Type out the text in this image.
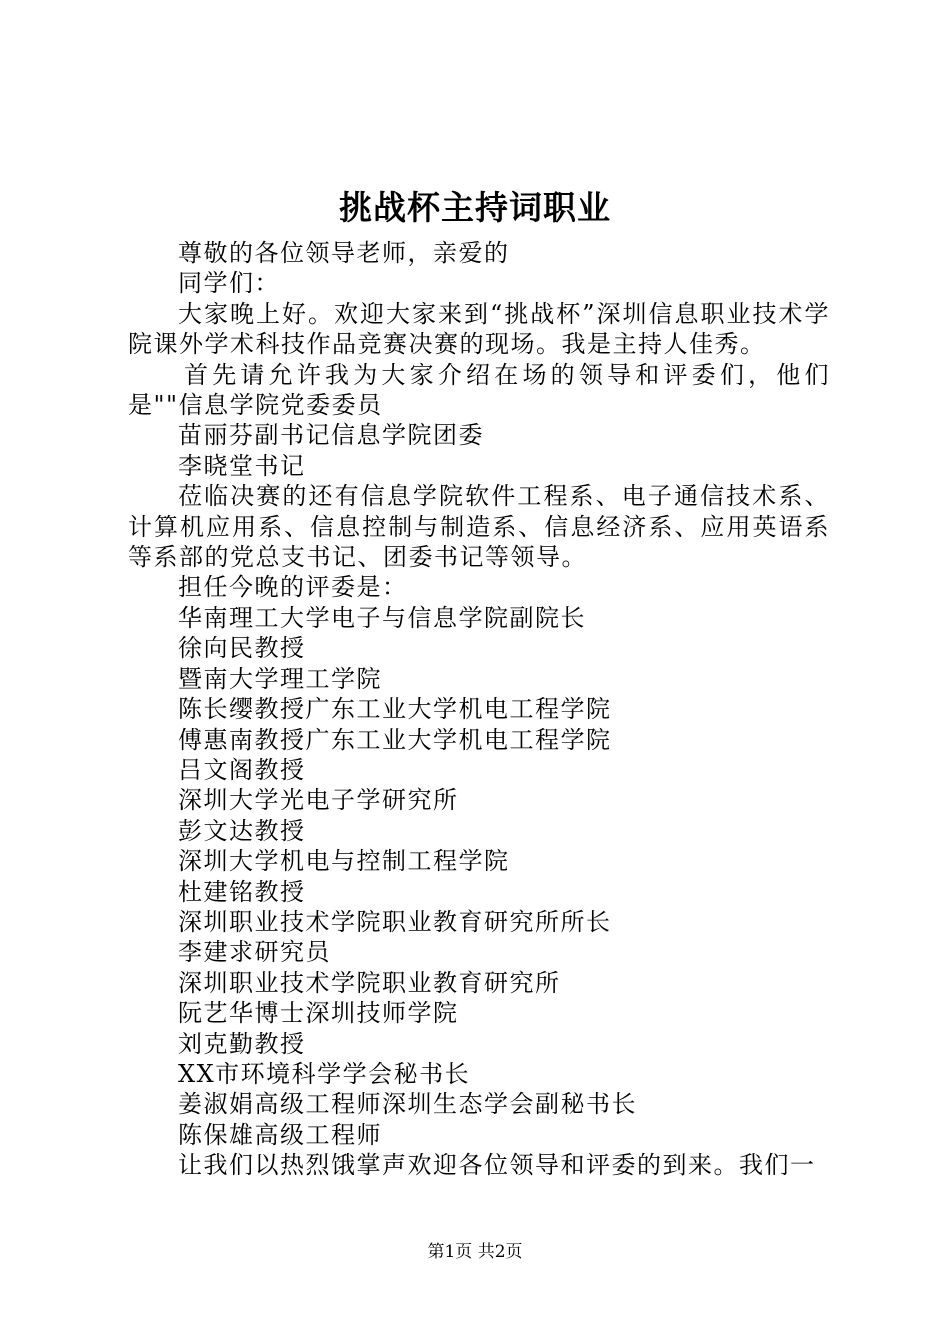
挑战杯主持词职业

尊敬的各位领导老师，亲爱的

同学们：

大家晚上好。欢迎大家来到“挑战杯”深圳信息职业技术学院课外学术科技作品竞赛决赛的现场。我是主持人佳秀。

首先请允许我为大家介绍在场的领导和评委们，他们是""信息学院党委委员

苗丽芬副书记信息学院团委

李晓堂书记

莅临决赛的还有信息学院软件工程系、电子通信技术系、计算机应用系、信息控制与制造系、信息经济系、应用英语系等系部的党总支书记、团委书记等领导。

担任今晚的评委是：

华南理工大学电子与信息学院副院长

徐向民教授

暨南大学理工学院

陈长缨教授广东工业大学机电工程学院

傅惠南教授广东工业大学机电工程学院

吕文阁教授

深圳大学光电子学研究所

彭文达教授

深圳大学机电与控制工程学院

杜建铭教授

深圳职业技术学院职业教育研究所所长

李建求研究员

深圳职业技术学院职业教育研究所

阮艺华博士深圳技师学院

刘克勤教授

XX市环境科学学会秘书长

姜淑娟高级工程师深圳生态学会副秘书长

陈保雄高级工程师

让我们以热烈饿掌声欢迎各位领导和评委的到来。我们一

第1页 共2页
